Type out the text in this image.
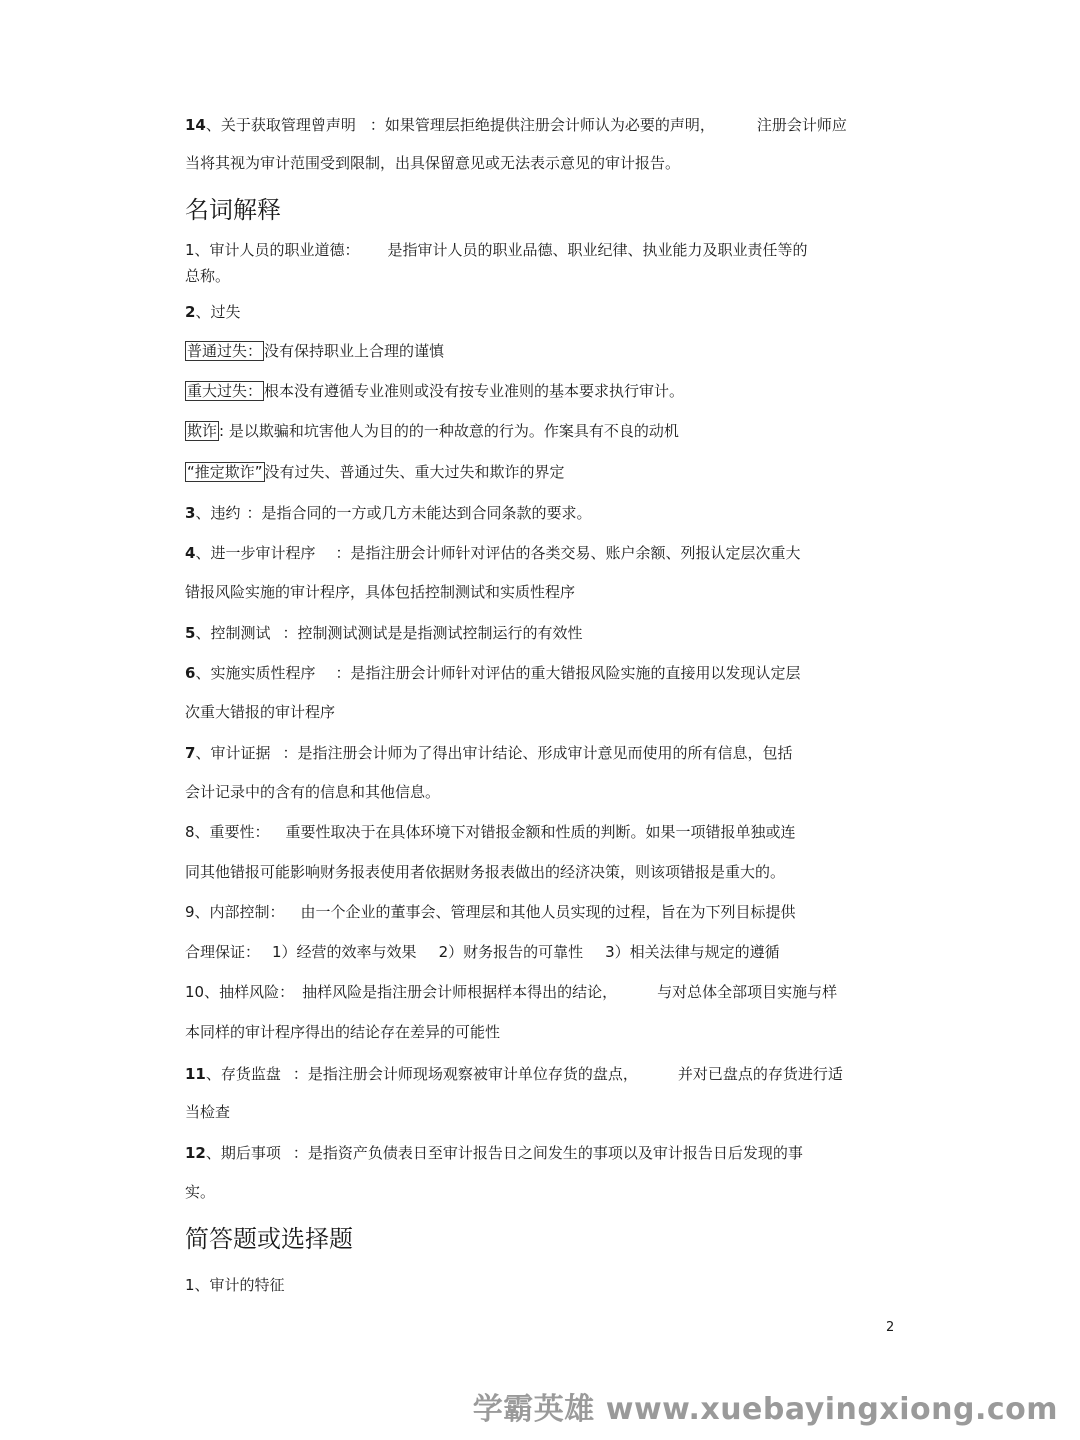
14、关于获取管理曾声明 ：如果管理层拒绝提供注册会计师认为必要的声明，	注册会计师应
当将其视为审计范围受到限制，出具保留意见或无法表示意见的审计报告。
名词解释
1、审计人员的职业道德： 是指审计人员的职业品德、职业纪律、执业能力及职业责任等的
总称。
2、过失
普通过失： 没有保持职业上合理的谨慎
重大过失： 根本没有遵循专业准则或没有按专业准则的基本要求执行审计。
欺诈 : 是以欺骗和坑害他人为目的的一种故意的行为。作案具有不良的动机
“推定欺诈” 没有过失、普通过失、重大过失和欺诈的界定
3、违约 ：是指合同的一方或几方未能达到合同条款的要求。
4、进一步审计程序 ：是指注册会计师针对评估的各类交易、账户余额、列报认定层次重大
错报风险实施的审计程序，具体包括控制测试和实质性程序
5、控制测试 ：控制测试测试是是指测试控制运行的有效性
6、实施实质性程序 ：是指注册会计师针对评估的重大错报风险实施的直接用以发现认定层
次重大错报的审计程序
7、审计证据 ：是指注册会计师为了得出审计结论、形成审计意见而使用的所有信息，包括
会计记录中的含有的信息和其他信息。
8、重要性： 重要性取决于在具体环境下对错报金额和性质的判断。如果一项错报单独或连
同其他错报可能影响财务报表使用者依据财务报表做出的经济决策，则该项错报是重大的。
9、内部控制： 由一个企业的董事会、管理层和其他人员实现的过程，旨在为下列目标提供
合理保证： 1）经营的效率与效果 2）财务报告的可靠性 3）相关法律与规定的遵循
10、抽样风险： 抽样风险是指注册会计师根据样本得出的结论，	与对总体全部项目实施与样
本同样的审计程序得出的结论存在差异的可能性
11、存货监盘 ：是指注册会计师现场观察被审计单位存货的盘点，	并对已盘点的存货进行适
当检查
12、期后事项 ：是指资产负债表日至审计报告日之间发生的事项以及审计报告日后发现的事
实。
简答题或选择题
1、审计的特征
2
学霸英雄 www.xuebayingxiong.com
